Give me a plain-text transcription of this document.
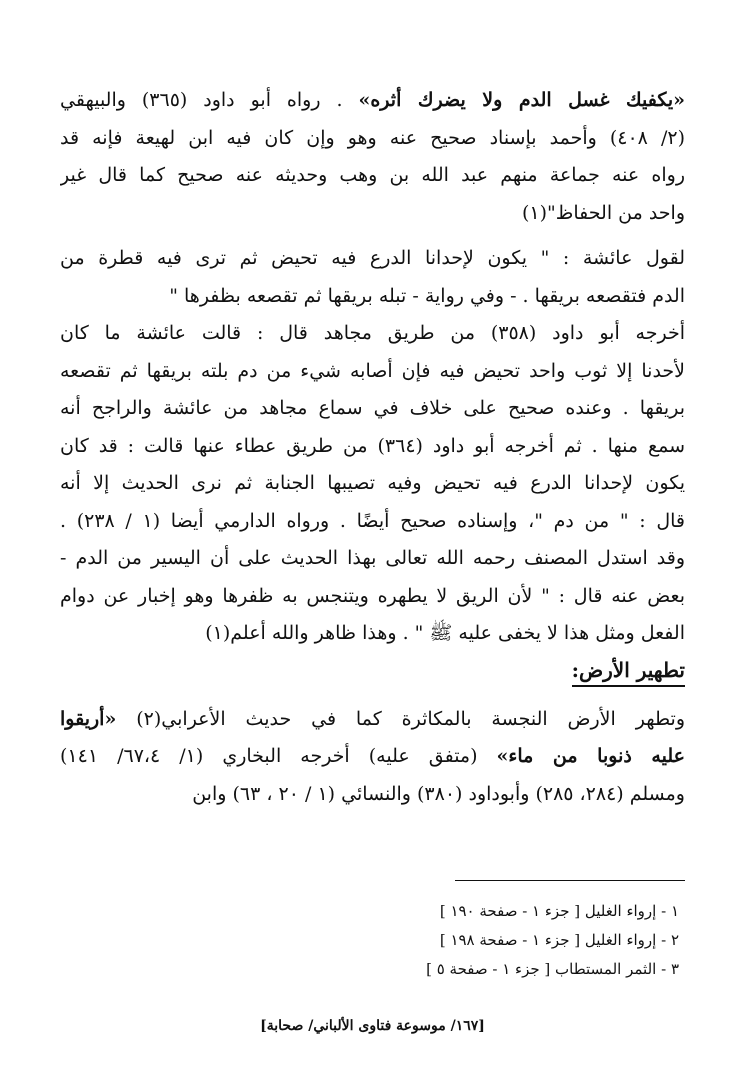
«يكفيك غسل الدم ولا يضرك أثره» . رواه أبو داود (٣٦٥) والبيهقي
(٢/ ٤٠٨) وأحمد بإسناد صحيح عنه وهو وإن كان فيه ابن لهيعة فإنه قد
رواه عنه جماعة منهم عبد الله بن وهب وحديثه عنه صحيح كما قال غير
واحد من الحفاظ"(١)
لقول عائشة : " يكون لإحدانا الدرع فيه تحيض ثم ترى فيه قطرة من
الدم فتقصعه بريقها . - وفي رواية - تبله بريقها ثم تقصعه بظفرها "
أخرجه أبو داود (٣٥٨) من طريق مجاهد قال : قالت عائشة ما كان
لأحدنا إلا ثوب واحد تحيض فيه فإن أصابه شيء من دم بلته بريقها ثم تقصعه
بريقها . وعنده صحيح على خلاف في سماع مجاهد من عائشة والراجح أنه
سمع منها . ثم أخرجه أبو داود (٣٦٤) من طريق عطاء عنها قالت : قد كان
يكون لإحدانا الدرع فيه تحيض وفيه تصيبها الجنابة ثم نرى الحديث إلا أنه
قال : " من دم "، وإسناده صحيح أيضًا . ورواه الدارمي أيضا (١ / ٢٣٨) .
وقد استدل المصنف رحمه الله تعالى بهذا الحديث على أن اليسير من الدم -
بعض عنه قال : " لأن الريق لا يطهره ويتنجس به ظفرها وهو إخبار عن دوام
الفعل ومثل هذا لا يخفى عليه ﷺ " . وهذا ظاهر والله أعلم(١)
تطهير الأرض:
وتطهر الأرض النجسة بالمكاثرة كما في حديث الأعرابي(٢) «أريقوا
عليه ذنوبا من ماء» (متفق عليه) أخرجه البخاري (١/ ٦٧،٤/ ١٤١)
ومسلم (٢٨٤، ٢٨٥) وأبوداود (٣٨٠) والنسائي (١ / ٢٠ ، ٦٣) وابن
١ - إرواء الغليل [ جزء ١ - صفحة ١٩٠ ]
٢ - إرواء الغليل [ جزء ١ - صفحة ١٩٨ ]
٣ - الثمر المستطاب [ جزء ١ - صفحة ٥ ]
[١٦٧/ موسوعة فتاوى الألباني/ صحابة]
